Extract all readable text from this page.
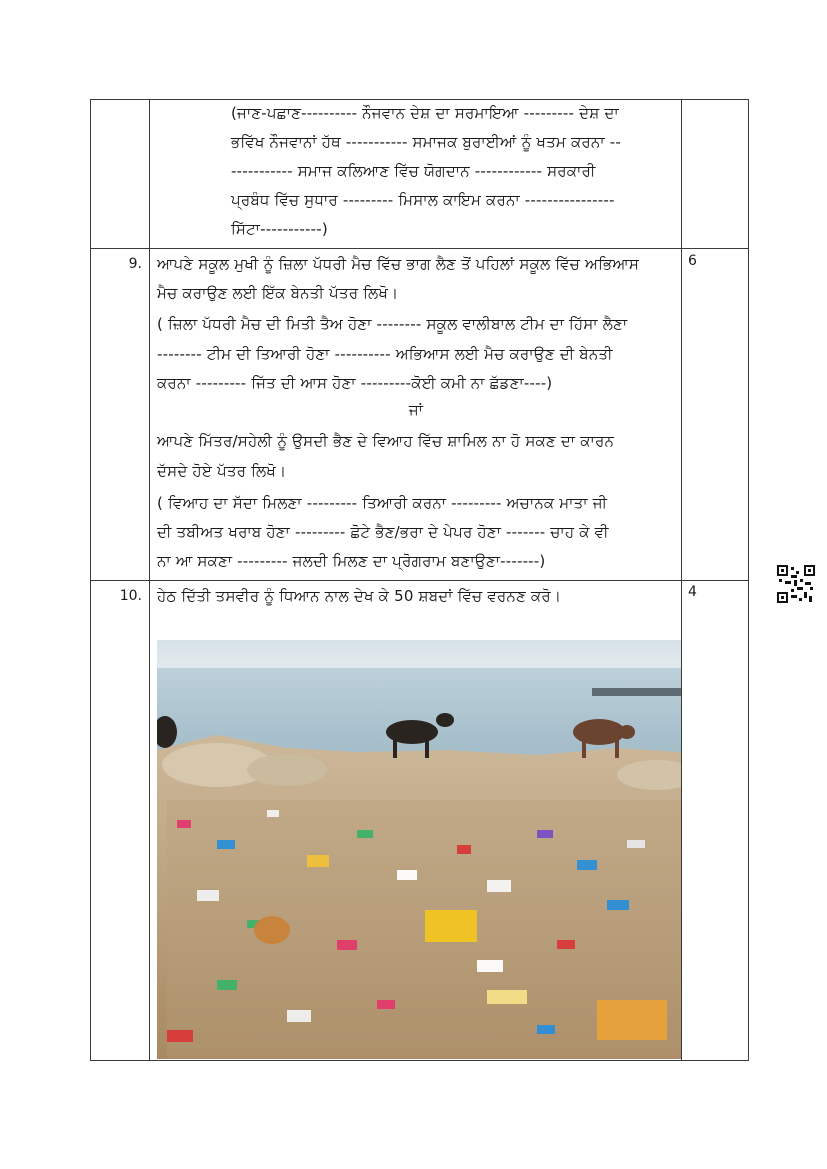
(ਜਾਣ-ਪਛਾਣ---------- ਨੌਜਵਾਨ ਦੇਸ਼ ਦਾ ਸਰਮਾਇਆ --------- ਦੇਸ਼ ਦਾ
ਭਵਿੱਖ ਨੌਜਵਾਨਾਂ ਹੱਥ ----------- ਸਮਾਜਕ ਬੁਰਾਈਆਂ ਨੂੰ ਖਤਮ ਕਰਨਾ --
----------- ਸਮਾਜ ਕਲਿਆਣ ਵਿੱਚ ਯੋਗਦਾਨ ------------ ਸਰਕਾਰੀ
ਪ੍ਰਬੰਧ ਵਿੱਚ ਸੁਧਾਰ --------- ਮਿਸਾਲ ਕਾਇਮ ਕਰਨਾ ----------------
ਸਿੱਟਾ-----------)
9.	6
ਆਪਣੇ ਸਕੂਲ ਮੁਖੀ ਨੂੰ ਜ਼ਿਲਾ ਪੱਧਰੀ ਮੈਚ ਵਿੱਚ ਭਾਗ ਲੈਣ ਤੋਂ ਪਹਿਲਾਂ ਸਕੂਲ ਵਿੱਚ ਅਭਿਆਸ
ਮੈਚ ਕਰਾਉਣ ਲਈ ਇੱਕ ਬੇਨਤੀ ਪੱਤਰ ਲਿਖੋ।
( ਜ਼ਿਲਾ ਪੱਧਰੀ ਮੈਚ ਦੀ ਮਿਤੀ ਤੈਅ ਹੋਣਾ -------- ਸਕੂਲ ਵਾਲੀਬਾਲ ਟੀਮ ਦਾ ਹਿੱਸਾ ਲੈਣਾ
-------- ਟੀਮ ਦੀ ਤਿਆਰੀ ਹੋਣਾ ---------- ਅਭਿਆਸ ਲਈ ਮੈਚ ਕਰਾਉਣ ਦੀ ਬੇਨਤੀ
ਕਰਨਾ --------- ਜਿੱਤ ਦੀ ਆਸ ਹੋਣਾ ---------ਕੋਈ ਕਮੀ ਨਾ ਛੱਡਣਾ----)
ਜਾਂ
ਆਪਣੇ ਮਿੱਤਰ/ਸਹੇਲੀ ਨੂੰ ਉਸਦੀ ਭੈਣ ਦੇ ਵਿਆਹ ਵਿੱਚ ਸ਼ਾਮਿਲ ਨਾ ਹੋ ਸਕਣ ਦਾ ਕਾਰਨ
ਦੱਸਦੇ ਹੋਏ ਪੱਤਰ ਲਿਖੋ।
( ਵਿਆਹ ਦਾ ਸੱਦਾ ਮਿਲਣਾ --------- ਤਿਆਰੀ ਕਰਨਾ --------- ਅਚਾਨਕ ਮਾਤਾ ਜੀ
ਦੀ ਤਬੀਅਤ ਖਰਾਬ ਹੋਣਾ --------- ਛੋਟੇ ਭੈਣ/ਭਰਾ ਦੇ ਪੇਪਰ ਹੋਣਾ ------- ਚਾਹ ਕੇ ਵੀ
ਨਾ ਆ ਸਕਣਾ --------- ਜਲਦੀ ਮਿਲਣ ਦਾ ਪ੍ਰੋਗਰਾਮ ਬਣਾਉਣਾ-------)
10.	4
ਹੇਠ ਦਿੱਤੀ ਤਸਵੀਰ ਨੂੰ ਧਿਆਨ ਨਾਲ ਦੇਖ ਕੇ 50 ਸ਼ਬਦਾਂ ਵਿੱਚ ਵਰਨਣ ਕਰੋ।
